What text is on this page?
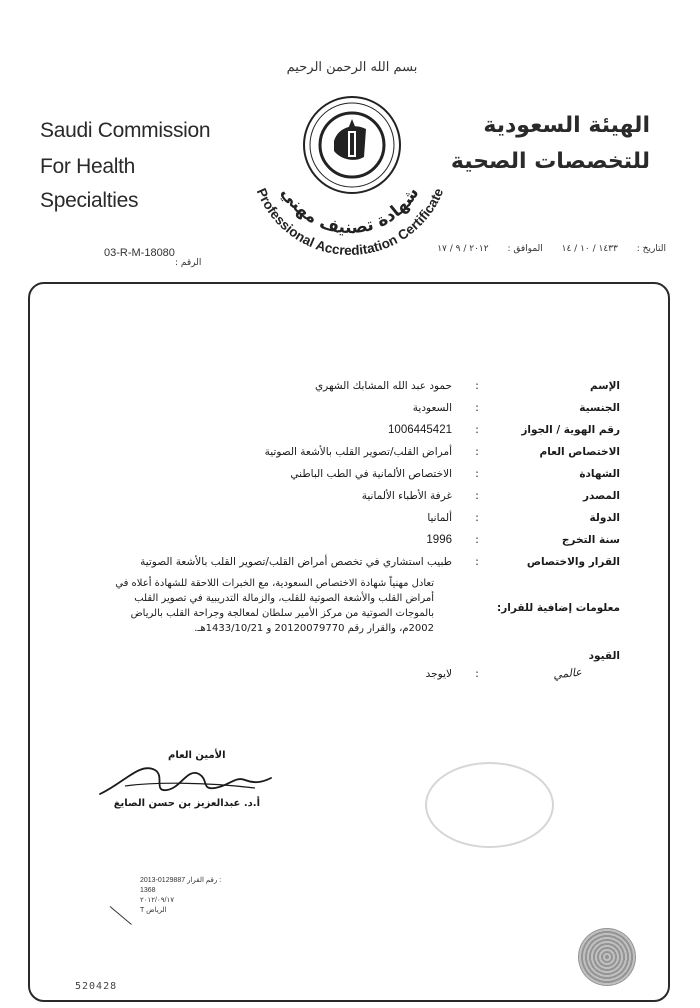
Saudi Commission
For Health Specialties
الهيئة السعودية
للتخصصات الصحية
بسم الله الرحمن الرحيم
شهادة تصنيف مهني
Professional Accreditation Certificate
03-R-M-18080
الرقم :
التاريخ : ١٤٣٣ / ١٠ / ١٤ الموافق : ٢٠١٢ / ٩ / ١٧
الإسم
:
حمود عبد الله المشابك الشهري
الجنسية
:
السعودية
رقم الهوية / الجواز
:
1006445421
الاختصاص العام
:
أمراض القلب/تصوير القلب بالأشعة الصوتية
الشهادة
:
الاختصاص الألمانية في الطب الباطني
المصدر
:
غرفة الأطباء الألمانية
الدولة
:
ألمانيا
سنة التخرج
:
1996
القرار والاختصاص
:
طبيب استشاري في تخصص أمراض القلب/تصوير القلب بالأشعة الصوتية
معلومات إضافية للقرار:
تعادل مهنياً شهادة الاختصاص السعودية، مع الخبرات اللاحقة للشهادة أعلاه في أمراض القلب والأشعة الصوتية للقلب، والزمالة التدريبية في تصوير القلب بالموجات الصوتية من مركز الأمير سلطان لمعالجة وجراحة القلب بالرياض 2002م، والقرار رقم 20120079770 و 1433/10/21هـ.
القيود
:
لايوجد	عالمي
الأمين العام
أ.د. عبدالعزيز بن حسن الصايغ
2013-0129887 رقم القرار :
1368
٢٠١٢/٠٩/١٧
T الرياض
520428
